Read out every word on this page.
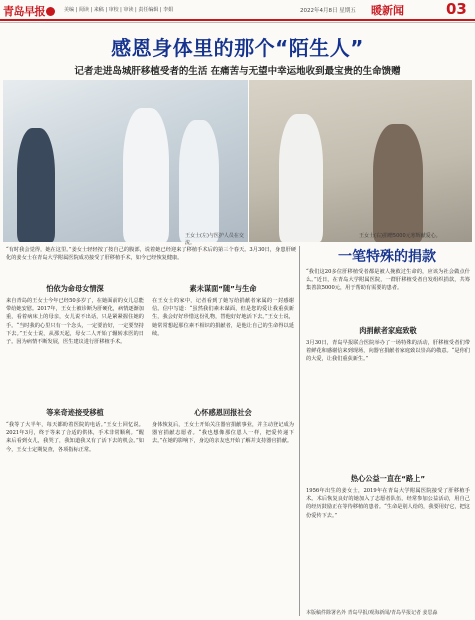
青岛早报	美编 | 阅读 | 来稿 | 审校 | 审读 | 责任编辑 | 李娟	2022年4月8日 星期五 暖新闻	03
感恩身体里的那个“陌生人”
记者走进岛城肝移植受者的生活 在痛苦与无望中幸运地收到最宝贵的生命馈赠
王女士(左)与医护人员在交流。
王女士(右)捐赠5000元寒辉献爱心。
“有时我会觉得，她在这里。”姜女士轻轻按了按自己的腹部，说着她已经迎来了移植手术后的第三个春天。3月30日，身患肝硬化的姜女士在青岛大学附属医院成功接受了肝移植手术，如今已经恢复健康。
怕依为命母女情深
来自青岛的王女士今年已经50多岁了，在她面前的女儿总能带给她安慰。2017年，王女士被诊断为肝硬化，病情逐渐加重，看着病床上的母亲，女儿说不出话，只是紧紧握住她的手。“当时我的心里只有一个念头，一定要治好，一定要坚持下去。”王女士说，从那天起，母女二人开始了辗转求医的日子。因为病情不断发展，医生建议进行肝移植手术。
等来奇迹接受移植
“我等了大半年，每天都盼着医院的电话。”王女士回忆说。2021年3月，终于等来了合适的供体，手术非常顺利。“醒来后看到女儿，我哭了，我知道我又有了活下去的机会。”如今，王女士定期复查，各项指标正常。
素未谋面“随”与生命
在王女士的家中，记者看到了她写给捐献者家属的一封感谢信。信中写道：“虽然我们素未谋面，但是您的爱让我重获新生，我会好好珍惜这份礼物，替他好好地活下去。”王女士说，她常常想起那位素不相识的捐献者，是他让自己的生命得以延续。
心怀感恩回报社会
身体恢复后，王女士开始关注器官捐献事业，并主动登记成为器官捐献志愿者。“我也想像那位恩人一样，把爱传递下去。”在她的影响下，身边的亲友也开始了解并支持器官捐献。
一笔特殊的捐款
“我们这20多位肝移植受者都是被人挽救过生命的，应该为社会做点什么。”近日，在青岛大学附属医院，一群肝移植受者自发组织捐款，共筹集善款5000元，用于帮助有需要的患者。
肉捐献者家庭致敬
3月30日，青岛早报联合医院举办了一场特殊的活动，肝移植受者们带着鲜花和感谢信来到现场，向器官捐献者家庭致以崇高的敬意。“是你们的大爱，让我们重获新生。”
热心公益一直在“路上”
1956年出生的姜女士，2019年在青岛大学附属医院接受了肝移植手术。术后恢复良好的她加入了志愿者队伍，经常参加公益活动，用自己的经历鼓励正在等待移植的患者。“生命是别人给的，我要用好它，把这份爱传下去。”
本版稿件除署名外 青岛早报/观海新闻/青岛早报记者 姜思淼
